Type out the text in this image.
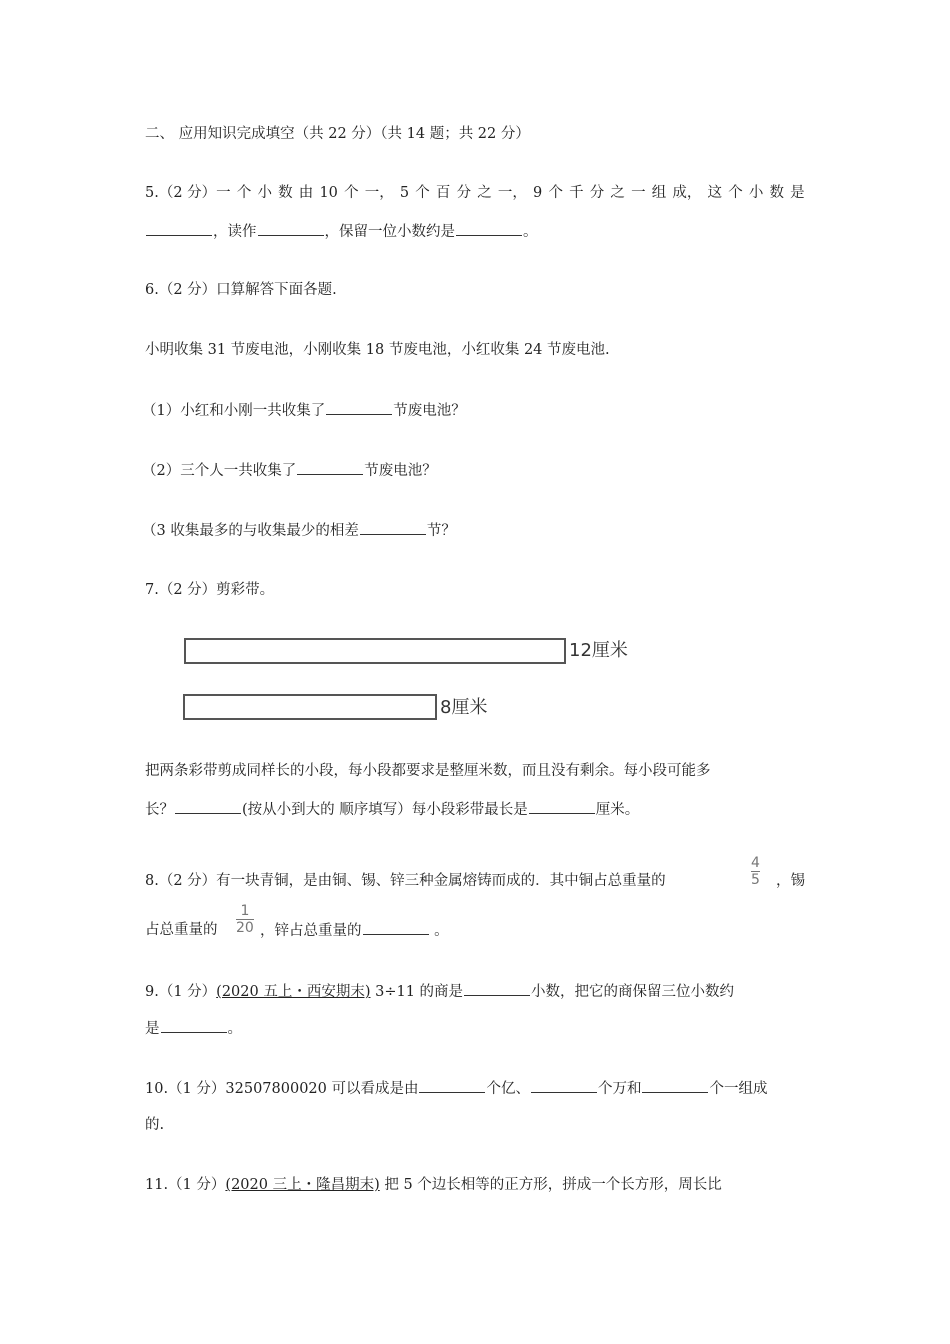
二、 应用知识完成填空（共 22 分）（共 14 题；共 22 分）
5.（2 分）一 个 小 数 由 10 个 一， 5 个 百 分 之 一， 9 个 千 分 之 一 组 成， 这 个 小 数 是
，读作	，保留一位小数约是	。
6.（2 分）口算解答下面各题.
小明收集 31 节废电池，小刚收集 18 节废电池，小红收集 24 节废电池.
（1）小红和小刚一共收集了	节废电池？
（2）三个人一共收集了	节废电池？
（3 收集最多的与收集最少的相差	节？
7.（2 分）剪彩带。
12厘米
8厘米
把两条彩带剪成同样长的小段，每小段都要求是整厘米数，而且没有剩余。每小段可能多
长？	(按从小到大的 顺序填写）每小段彩带最长是	厘米。
8.（2 分）有一块青铜，是由铜、锡、锌三种金属熔铸而成的．其中铜占总重量的
4
5 ，锡
占总重量的
1
20 ，锌占总重量的	。
9.（1 分）(2020 五上・西安期末) 3÷11 的商是	小数，把它的商保留三位小数约
是	。
10.（1 分）32507800020 可以看成是由	个亿、	个万和	个一组成
的.
11.（1 分）(2020 三上・隆昌期末) 把 5 个边长相等的正方形，拼成一个长方形，周长比
